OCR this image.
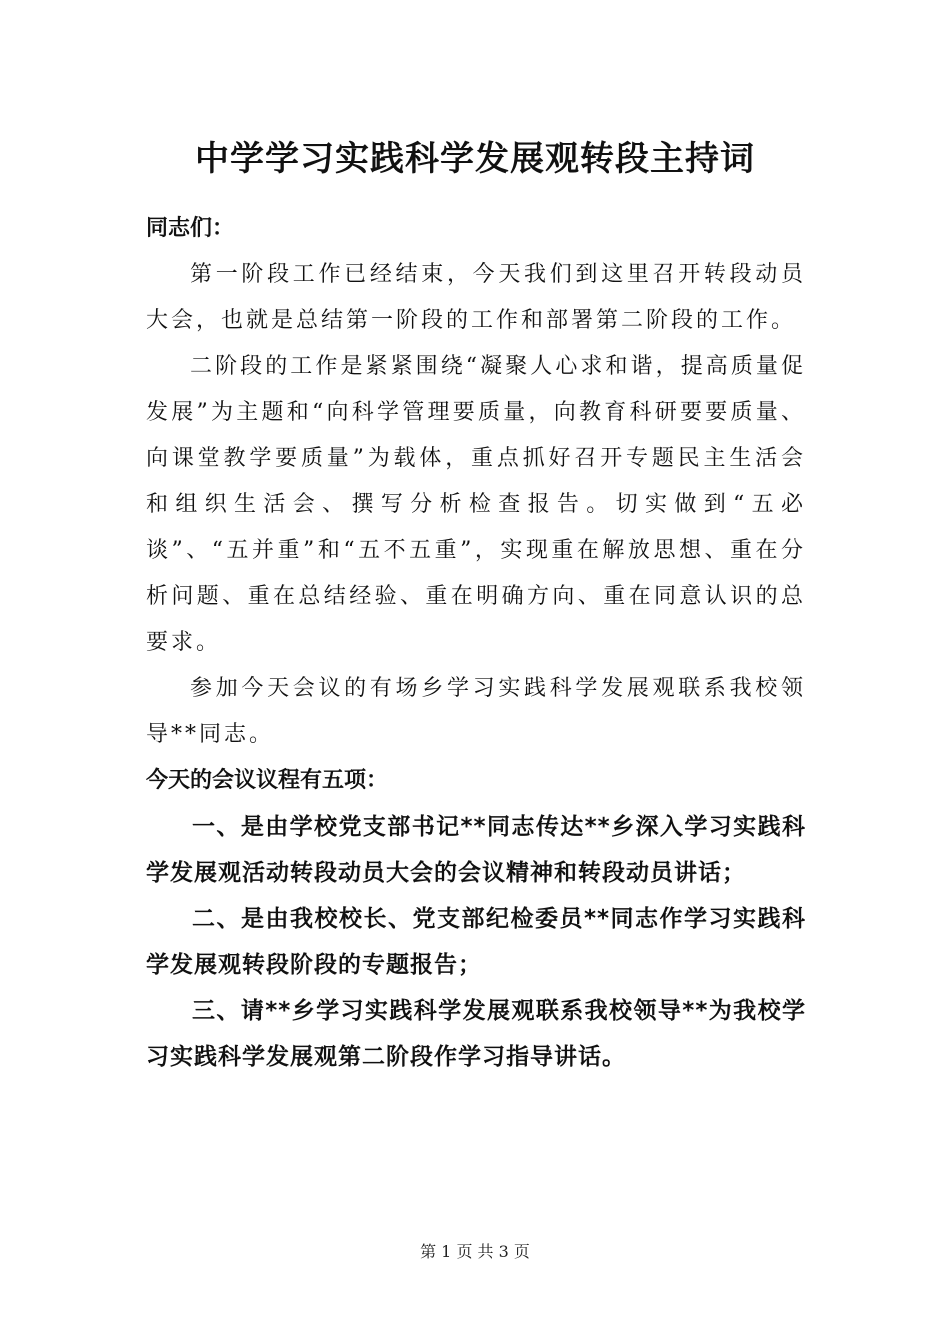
中学学习实践科学发展观转段主持词

同志们：

第一阶段工作已经结束，今天我们到这里召开转段动员大会，也就是总结第一阶段的工作和部署第二阶段的工作。

二阶段的工作是紧紧围绕“凝聚人心求和谐，提高质量促发展”为主题和“向科学管理要质量，向教育科研要要质量、向课堂教学要质量”为载体，重点抓好召开专题民主生活会和组织生活会、撰写分析检查报告。切实做到“五必谈”、“五并重”和“五不五重”，实现重在解放思想、重在分析问题、重在总结经验、重在明确方向、重在同意认识的总要求。

参加今天会议的有场乡学习实践科学发展观联系我校领导**同志。

今天的会议议程有五项：

一、是由学校党支部书记**同志传达**乡深入学习实践科学发展观活动转段动员大会的会议精神和转段动员讲话；

二、是由我校校长、党支部纪检委员**同志作学习实践科学发展观转段阶段的专题报告；

三、请**乡学习实践科学发展观联系我校领导**为我校学习实践科学发展观第二阶段作学习指导讲话。

第 1 页 共 3 页
